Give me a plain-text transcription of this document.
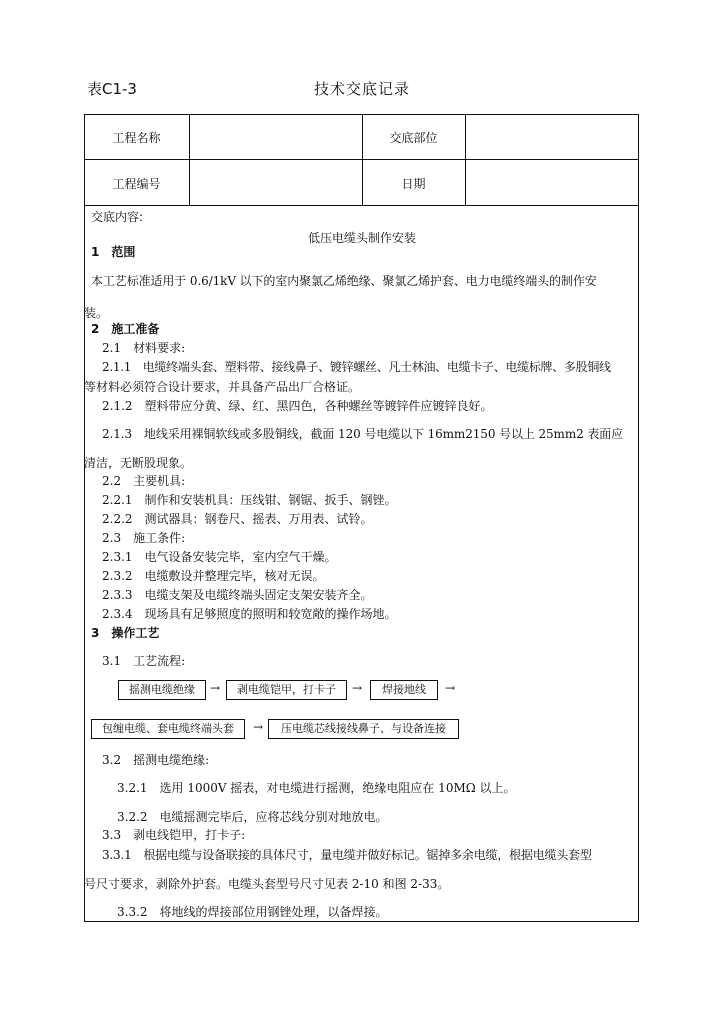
表C1-3	技术交底记录
工程名称	交底部位
工程编号	日期
交底内容:
低压电缆头制作安装
1　范围
本工艺标准适用于 0.6/1kV 以下的室内聚氯乙烯绝缘、聚氯乙烯护套、电力电缆终端头的制作安
装。
2　施工准备
2.1　材料要求:
2.1.1　电缆终端头套、塑料带、接线鼻子、镀锌螺丝、凡士林油、电缆卡子、电缆标牌、多股铜线
等材料必须符合设计要求，并具备产品出厂合格证。
2.1.2　塑料带应分黄、绿、红、黑四色，各种螺丝等镀锌件应镀锌良好。
2.1.3　地线采用裸铜软线或多股铜线，截面 120 号电缆以下 16mm2150 号以上 25mm2 表面应
清洁，无断股现象。
2.2　主要机具:
2.2.1　制作和安装机具：压线钳、钢锯、扳手、钢锉。
2.2.2　测试器具：钢卷尺、摇表、万用表、试铃。
2.3　施工条件:
2.3.1　电气设备安装完毕，室内空气干燥。
2.3.2　电缆敷设并整理完毕，核对无误。
2.3.3　电缆支架及电缆终端头固定支架安装齐全。
2.3.4　现场具有足够照度的照明和较宽敞的操作场地。
3　操作工艺
3.1　工艺流程:
摇测电缆绝缘	→	剥电缆铠甲，打卡子	→	焊接地线	→
包缠电缆、套电缆终端头套	→	压电缆芯线接线鼻子、与设备连接
3.2　摇测电缆绝缘:
3.2.1　选用 1000V 摇表，对电缆进行摇测，绝缘电阻应在 10MΩ 以上。
3.2.2　电缆摇测完毕后，应将芯线分别对地放电。
3.3　剥电线铠甲，打卡子:
3.3.1　根据电缆与设备联接的具体尺寸，量电缆并做好标记。锯掉多余电缆，根据电缆头套型
号尺寸要求，剥除外护套。电缆头套型号尺寸见表 2-10 和图 2-33。
3.3.2　将地线的焊接部位用钢锉处理，以备焊接。
